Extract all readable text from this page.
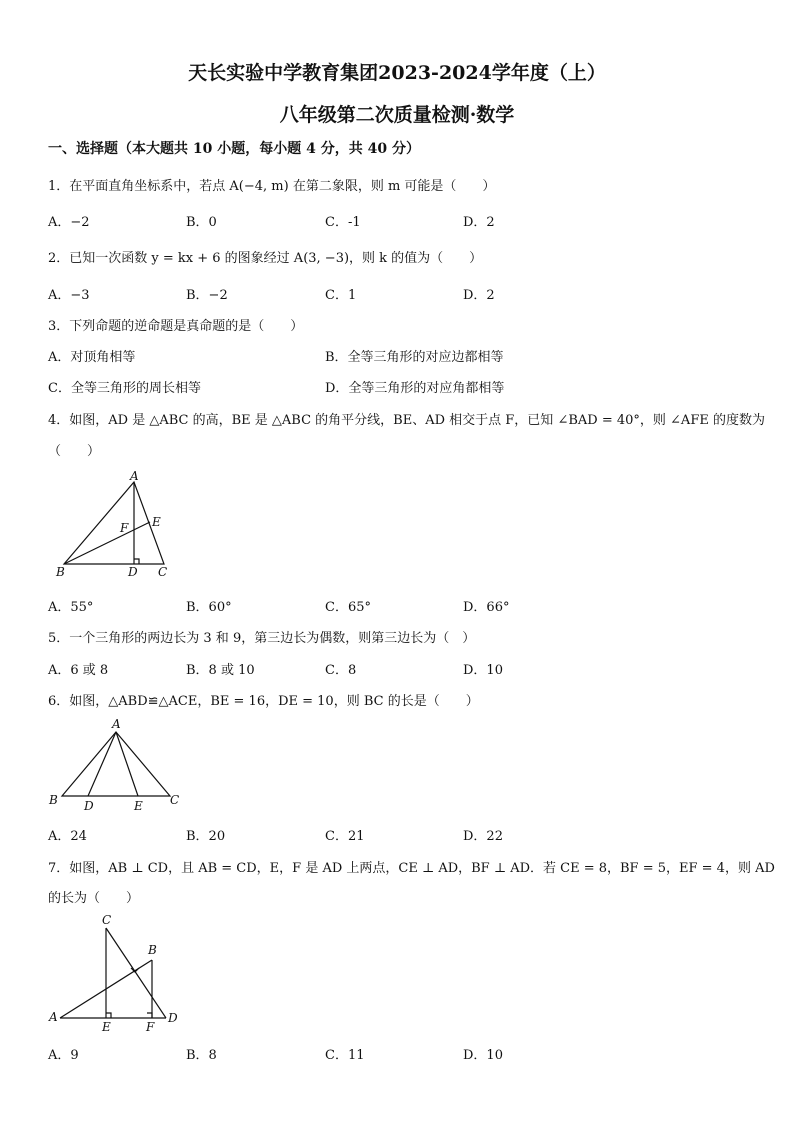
天长实验中学教育集团2023-2024学年度（上）
八年级第二次质量检测·数学
一、选择题（本大题共 10 小题，每小题 4 分，共 40 分）
1．在平面直角坐标系中，若点 A(−4, m) 在第二象限，则 m 可能是（　　）
A．−2	B．0	C．-1	D．2
2．已知一次函数 y = kx + 6 的图象经过 A(3, −3)，则 k 的值为（　　）
A．−3	B．−2	C．1	D．2
3．下列命题的逆命题是真命题的是（　　）
A．对顶角相等	B．全等三角形的对应边都相等
C．全等三角形的周长相等	D．全等三角形的对应角都相等
4．如图，AD 是 △ABC 的高，BE 是 △ABC 的角平分线，BE、AD 相交于点 F，已知 ∠BAD = 40°，则 ∠AFE 的度数为
（　　）
A
B	C
D
E
F
A．55°	B．60°	C．65°	D．66°
5．一个三角形的两边长为 3 和 9，第三边长为偶数，则第三边长为（　）
A．6 或 8	B．8 或 10	C．8	D．10
6．如图，△ABD≌△ACE，BE = 16，DE = 10，则 BC 的长是（　　）
A
B	C
D	E
A．24	B．20	C．21	D．22
7．如图，AB ⊥ CD，且 AB = CD，E，F 是 AD 上两点，CE ⊥ AD，BF ⊥ AD．若 CE = 8，BF = 5，EF = 4，则 AD
的长为（　　）
C
B
A
E	F
D
A．9	B．8	C．11	D．10
